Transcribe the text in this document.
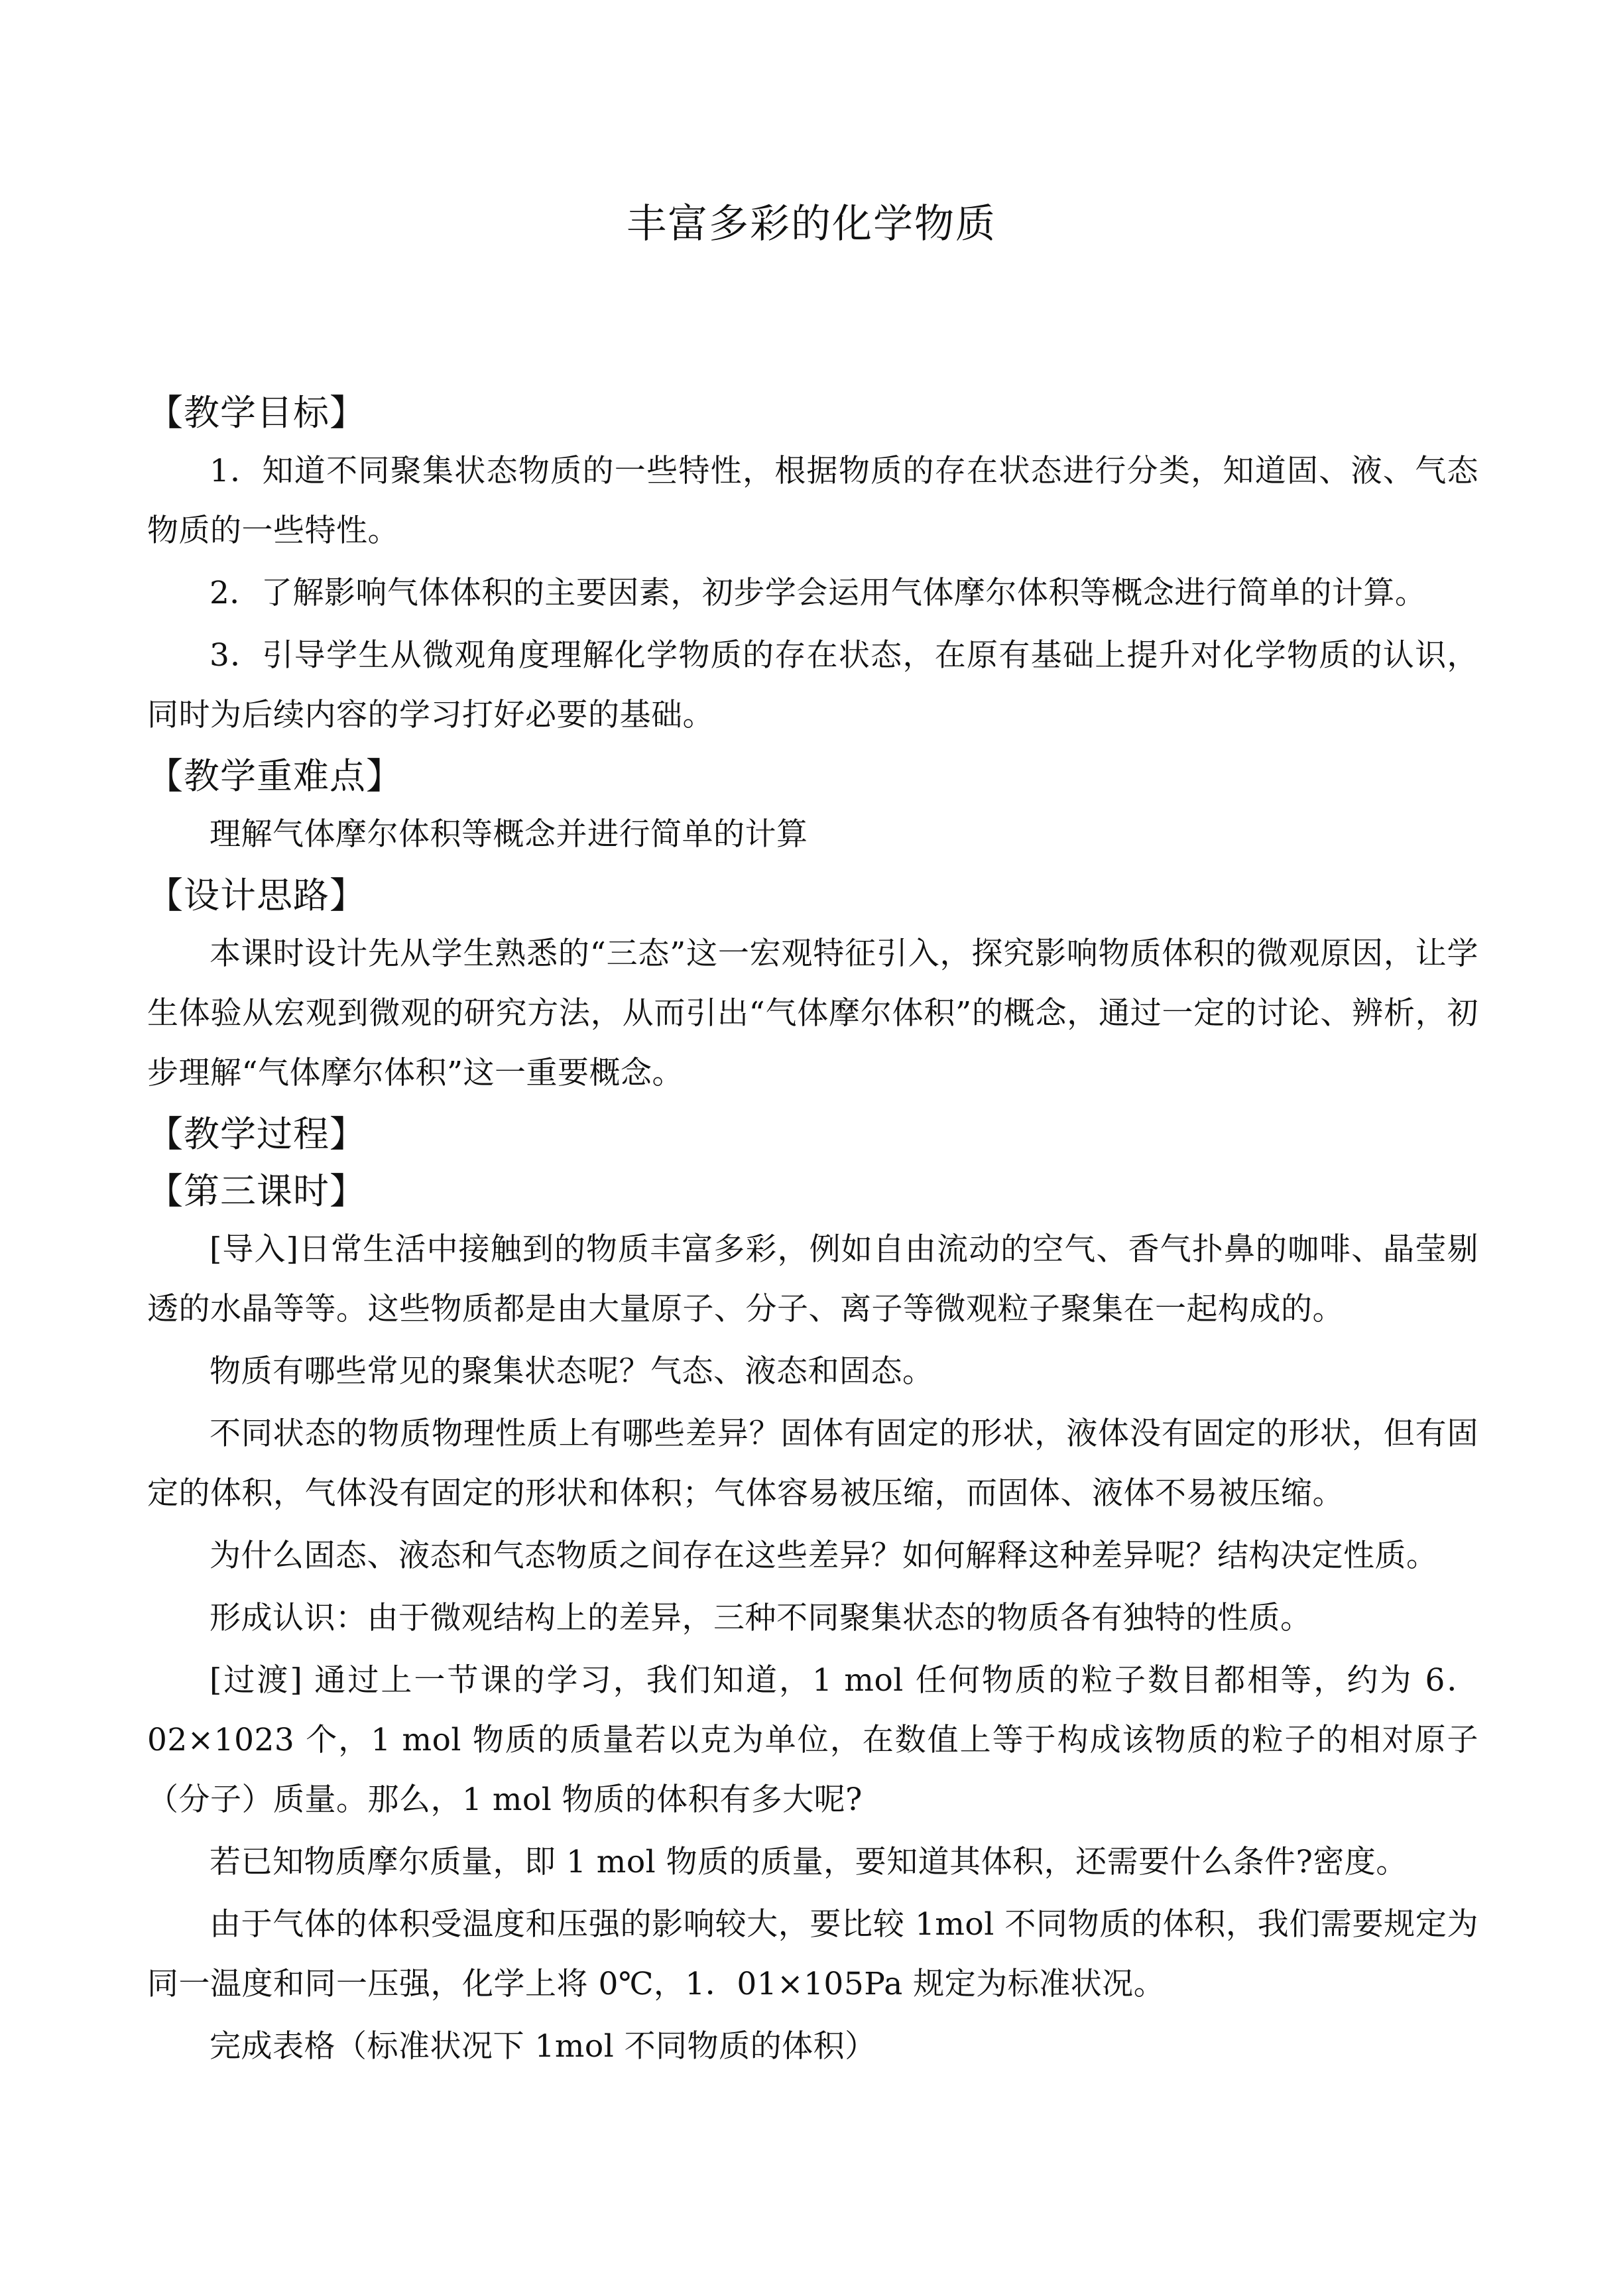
丰富多彩的化学物质

【教学目标】

1．知道不同聚集状态物质的一些特性，根据物质的存在状态进行分类，知道固、液、气态物质的一些特性。

2．了解影响气体体积的主要因素，初步学会运用气体摩尔体积等概念进行简单的计算。

3．引导学生从微观角度理解化学物质的存在状态，在原有基础上提升对化学物质的认识，同时为后续内容的学习打好必要的基础。

【教学重难点】

理解气体摩尔体积等概念并进行简单的计算

【设计思路】

本课时设计先从学生熟悉的“三态”这一宏观特征引入，探究影响物质体积的微观原因，让学生体验从宏观到微观的研究方法，从而引出“气体摩尔体积”的概念，通过一定的讨论、辨析，初步理解“气体摩尔体积”这一重要概念。

【教学过程】

【第三课时】

[导入]日常生活中接触到的物质丰富多彩，例如自由流动的空气、香气扑鼻的咖啡、晶莹剔透的水晶等等。这些物质都是由大量原子、分子、离子等微观粒子聚集在一起构成的。

物质有哪些常见的聚集状态呢？气态、液态和固态。

不同状态的物质物理性质上有哪些差异？固体有固定的形状，液体没有固定的形状，但有固定的体积，气体没有固定的形状和体积；气体容易被压缩，而固体、液体不易被压缩。

为什么固态、液态和气态物质之间存在这些差异？如何解释这种差异呢？结构决定性质。

形成认识：由于微观结构上的差异，三种不同聚集状态的物质各有独特的性质。

[过渡] 通过上一节课的学习，我们知道，1 mol 任何物质的粒子数目都相等，约为 6．02×1023 个，1 mol 物质的质量若以克为单位，在数值上等于构成该物质的粒子的相对原子（分子）质量。那么，1 mol 物质的体积有多大呢?

若已知物质摩尔质量，即 1 mol 物质的质量，要知道其体积，还需要什么条件?密度。

由于气体的体积受温度和压强的影响较大，要比较 1mol 不同物质的体积，我们需要规定为同一温度和同一压强，化学上将 0℃，1．01×105Pa 规定为标准状况。

完成表格（标准状况下 1mol 不同物质的体积）
